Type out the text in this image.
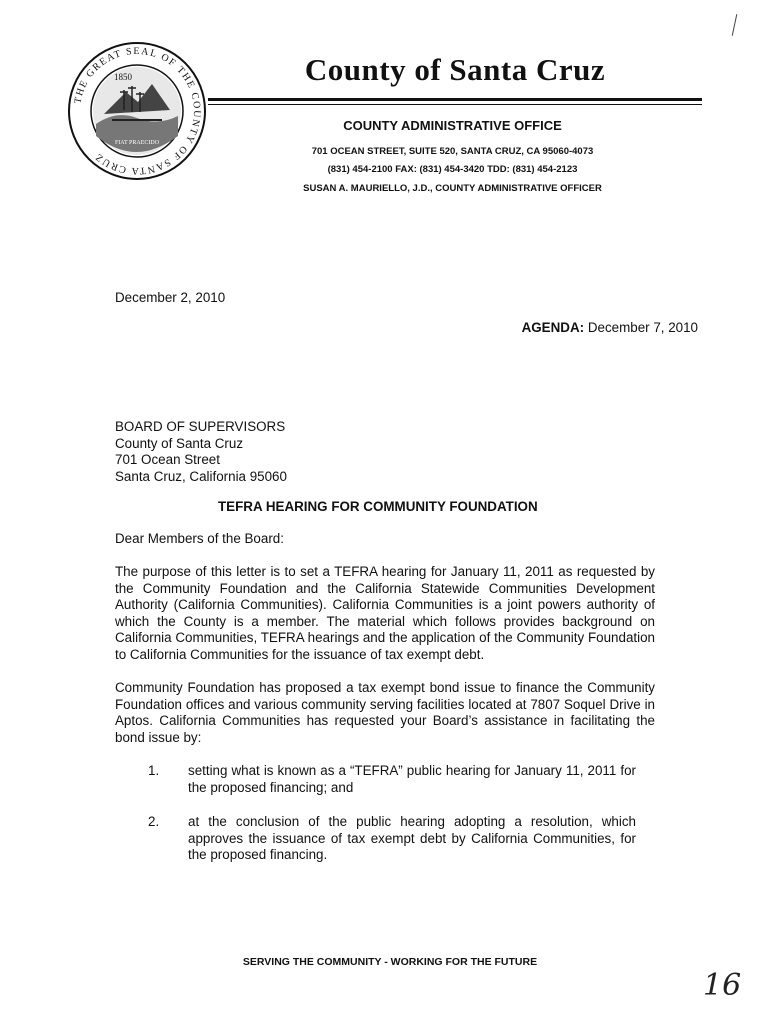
THE GREAT SEAL OF THE COUNTY OF SANTA CRUZ
1850
FIAT PRAECIDO
County of Santa Cruz
COUNTY ADMINISTRATIVE OFFICE
701 OCEAN STREET, SUITE 520, SANTA CRUZ, CA 95060-4073
(831) 454-2100 FAX: (831) 454-3420 TDD: (831) 454-2123
SUSAN A. MAURIELLO, J.D., COUNTY ADMINISTRATIVE OFFICER
December 2, 2010
AGENDA: December 7, 2010
BOARD OF SUPERVISORS
County of Santa Cruz
701 Ocean Street
Santa Cruz, California 95060
TEFRA HEARING FOR COMMUNITY FOUNDATION
Dear Members of the Board:
The purpose of this letter is to set a TEFRA hearing for January 11, 2011 as requested by the Community Foundation and the California Statewide Communities Development Authority (California Communities). California Communities is a joint powers authority of which the County is a member. The material which follows provides background on California Communities, TEFRA hearings and the application of the Community Foundation to California Communities for the issuance of tax exempt debt.
Community Foundation has proposed a tax exempt bond issue to finance the Community Foundation offices and various community serving facilities located at 7807 Soquel Drive in Aptos. California Communities has requested your Board’s assistance in facilitating the bond issue by:
1. setting what is known as a “TEFRA” public hearing for January 11, 2011 for the proposed financing; and
2. at the conclusion of the public hearing adopting a resolution, which approves the issuance of tax exempt debt by California Communities, for the proposed financing.
SERVING THE COMMUNITY - WORKING FOR THE FUTURE
16
